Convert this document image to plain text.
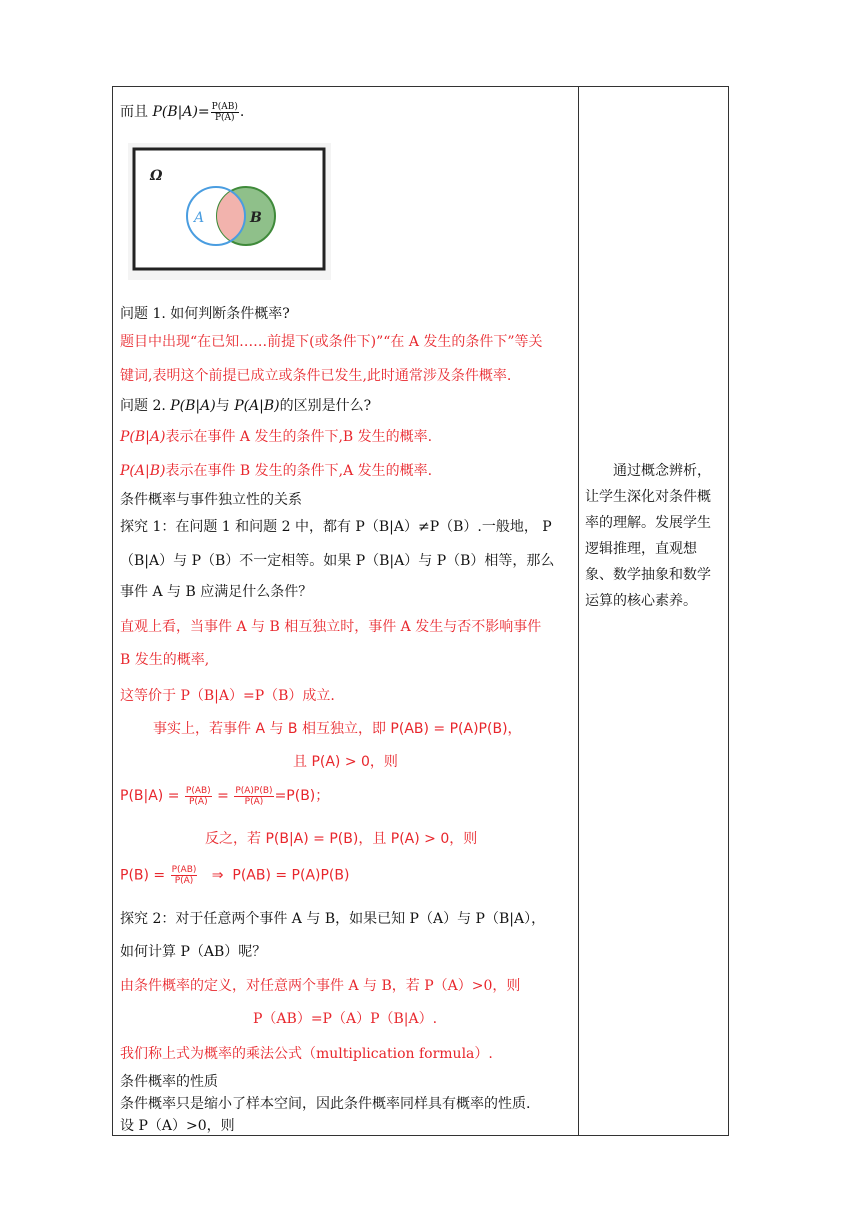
而且 $P(B|A)= \frac{P(AB)}{P(A)}$ .
Ω
A	B
问题 1. 如何判断条件概率?
题目中出现“在已知……前提下(或条件下)”“在 A 发生的条件下”等关
键词,表明这个前提已成立或条件已发生,此时通常涉及条件概率.
问题 2. P(B|A)与 P(A|B)的区别是什么?
P(B|A)表示在事件 A 发生的条件下,B 发生的概率.
P(A|B)表示在事件 B 发生的条件下,A 发生的概率.
条件概率与事件独立性的关系
探究 1：在问题 1 和问题 2 中，都有 P（B|A）≠P（B）.一般地， P
（B|A）与 P（B）不一定相等。如果 P（B|A）与 P（B）相等，那么
事件 A 与 B 应满足什么条件？
直观上看，当事件 A 与 B 相互独立时，事件 A 发生与否不影响事件
B 发生的概率,
这等价于 P（B|A）=P（B）成立.
事实上，若事件 A 与 B 相互独立，即 P(AB) = P(A)P(B)，
且 P(A) > 0，则
$P(B|A) = \frac{P(AB)}{P(A)} = \frac{P(A)P(B)}{P(A)} =P(B)$；
反之，若 P(B|A) = P(B)，且 P(A) > 0，则
$P(B) = \frac{P(AB)}{P(A)}$ ⇒  P(AB) = P(A)P(B)
探究 2：对于任意两个事件 A 与 B，如果已知 P（A）与 P（B|A），
如何计算 P（AB）呢？
由条件概率的定义，对任意两个事件 A 与 B，若 P（A）>0，则
P（AB）=P（A）P（B|A）.
我们称上式为概率的乘法公式（multiplication formula）.
条件概率的性质
条件概率只是缩小了样本空间，因此条件概率同样具有概率的性质.
设 P（A）>0，则
通过概念辨析，让学生深化对条件概率的理解。发展学生逻辑推理，直观想象、数学抽象和数学运算的核心素养。
